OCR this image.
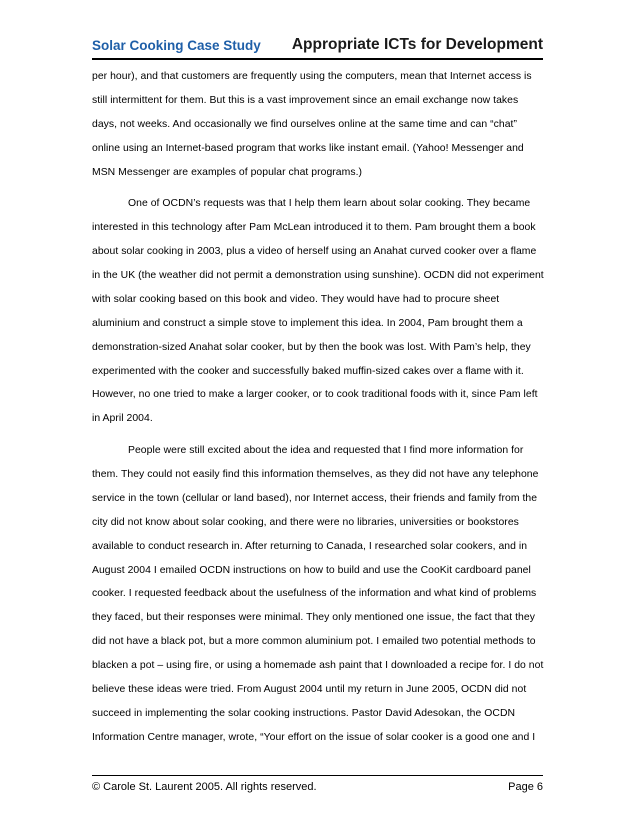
Solar Cooking Case Study Appropriate ICTs for Development
per hour), and that customers are frequently using the computers, mean that Internet access is
still intermittent for them. But this is a vast improvement since an email exchange now takes
days, not weeks. And occasionally we find ourselves online at the same time and can “chat”
online using an Internet-based program that works like instant email. (Yahoo! Messenger and
MSN Messenger are examples of popular chat programs.)
One of OCDN’s requests was that I help them learn about solar cooking. They became
interested in this technology after Pam McLean introduced it to them. Pam brought them a book
about solar cooking in 2003, plus a video of herself using an Anahat curved cooker over a flame
in the UK (the weather did not permit a demonstration using sunshine). OCDN did not experiment
with solar cooking based on this book and video. They would have had to procure sheet
aluminium and construct a simple stove to implement this idea. In 2004, Pam brought them a
demonstration-sized Anahat solar cooker, but by then the book was lost. With Pam’s help, they
experimented with the cooker and successfully baked muffin-sized cakes over a flame with it.
However, no one tried to make a larger cooker, or to cook traditional foods with it, since Pam left
in April 2004.
People were still excited about the idea and requested that I find more information for
them. They could not easily find this information themselves, as they did not have any telephone
service in the town (cellular or land based), nor Internet access, their friends and family from the
city did not know about solar cooking, and there were no libraries, universities or bookstores
available to conduct research in. After returning to Canada, I researched solar cookers, and in
August 2004 I emailed OCDN instructions on how to build and use the CooKit cardboard panel
cooker. I requested feedback about the usefulness of the information and what kind of problems
they faced, but their responses were minimal. They only mentioned one issue, the fact that they
did not have a black pot, but a more common aluminium pot. I emailed two potential methods to
blacken a pot – using fire, or using a homemade ash paint that I downloaded a recipe for. I do not
believe these ideas were tried. From August 2004 until my return in June 2005, OCDN did not
succeed in implementing the solar cooking instructions. Pastor David Adesokan, the OCDN
Information Centre manager, wrote, “Your effort on the issue of solar cooker is a good one and I
© Carole St. Laurent 2005. All rights reserved.	Page 6
